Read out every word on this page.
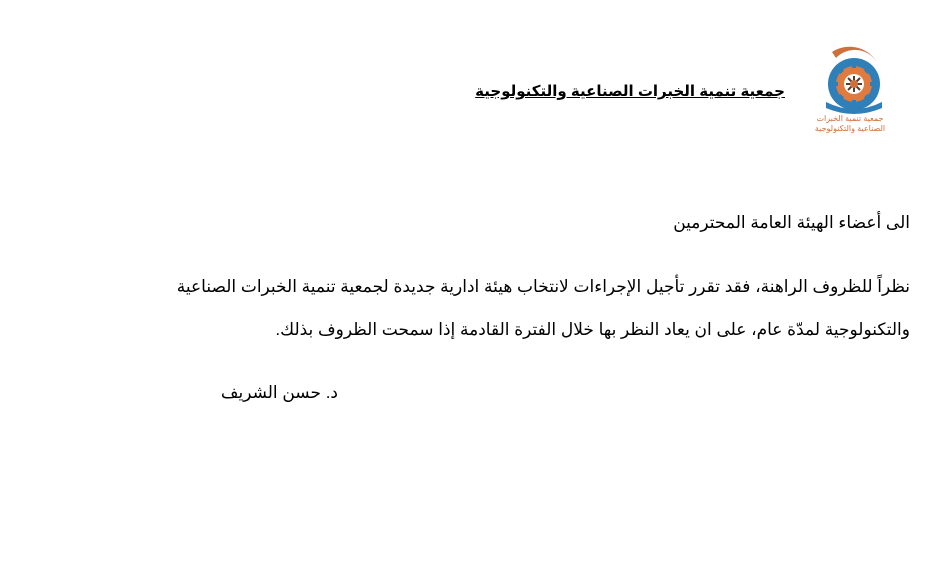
جمعية تنمية الخبرات
الصناعية والتكنولوجية
جمعية تنمية الخبرات الصناعية والتكنولوجية
الى أعضاء الهيئة العامة المحترمين
نظراً للظروف الراهنة، فقد تقرر تأجيل الإجراءات لانتخاب هيئة ادارية جديدة لجمعية تنمية الخبرات الصناعية
والتكنولوجية لمدّة عام، على ان يعاد النظر بها خلال الفترة القادمة إذا سمحت الظروف بذلك.
د. حسن الشريف
